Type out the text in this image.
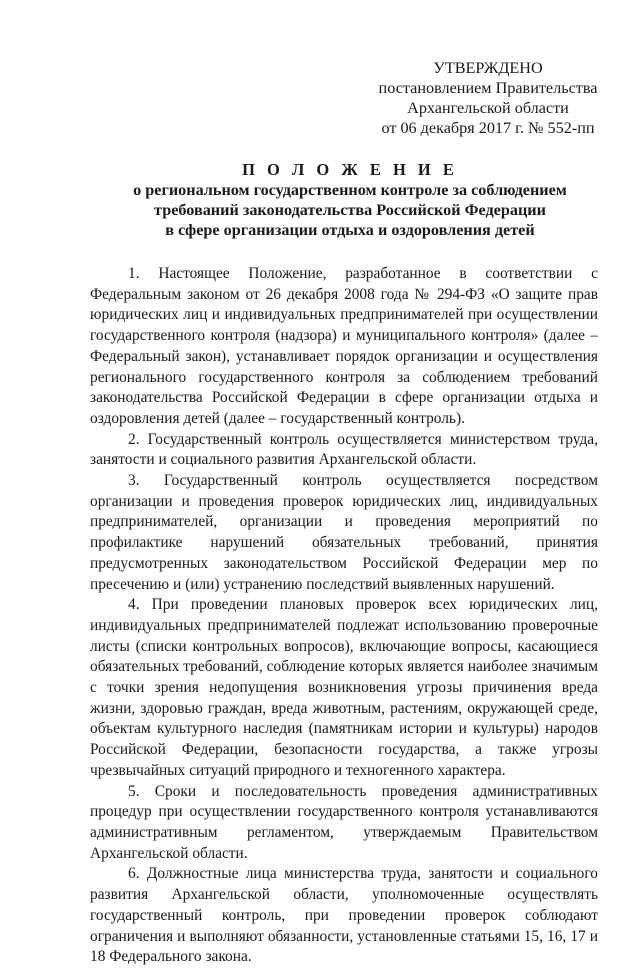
УТВЕРЖДЕНО
постановлением Правительства
Архангельской области
от 06 декабря 2017 г. № 552-пп
П О Л О Ж Е Н И Е
о региональном государственном контроле за соблюдением
требований законодательства Российской Федерации
в сфере организации отдыха и оздоровления детей

1. Настоящее Положение, разработанное в соответствии с Федеральным законом от 26 декабря 2008 года № 294-ФЗ «О защите прав юридических лиц и индивидуальных предпринимателей при осуществлении государственного контроля (надзора) и муниципального контроля» (далее – Федеральный закон), устанавливает порядок организации и осуществления регионального государственного контроля за соблюдением требований законодательства Российской Федерации в сфере организации отдыха и оздоровления детей (далее – государственный контроль).

2. Государственный контроль осуществляется министерством труда, занятости и социального развития Архангельской области.

3. Государственный контроль осуществляется посредством организации и проведения проверок юридических лиц, индивидуальных предпринимателей, организации и проведения мероприятий по профилактике нарушений обязательных требований, принятия предусмотренных законодательством Российской Федерации мер по пресечению и (или) устранению последствий выявленных нарушений.

4. При проведении плановых проверок всех юридических лиц, индивидуальных предпринимателей подлежат использованию проверочные листы (списки контрольных вопросов), включающие вопросы, касающиеся обязательных требований, соблюдение которых является наиболее значимым с точки зрения недопущения возникновения угрозы причинения вреда жизни, здоровью граждан, вреда животным, растениям, окружающей среде, объектам культурного наследия (памятникам истории и культуры) народов Российской Федерации, безопасности государства, а также угрозы чрезвычайных ситуаций природного и техногенного характера.

5. Сроки и последовательность проведения административных процедур при осуществлении государственного контроля устанавливаются административным регламентом, утверждаемым Правительством Архангельской области.

6. Должностные лица министерства труда, занятости и социального развития Архангельской области, уполномоченные осуществлять государственный контроль, при проведении проверок соблюдают ограничения и выполняют обязанности, установленные статьями 15, 16, 17 и 18 Федерального закона.
